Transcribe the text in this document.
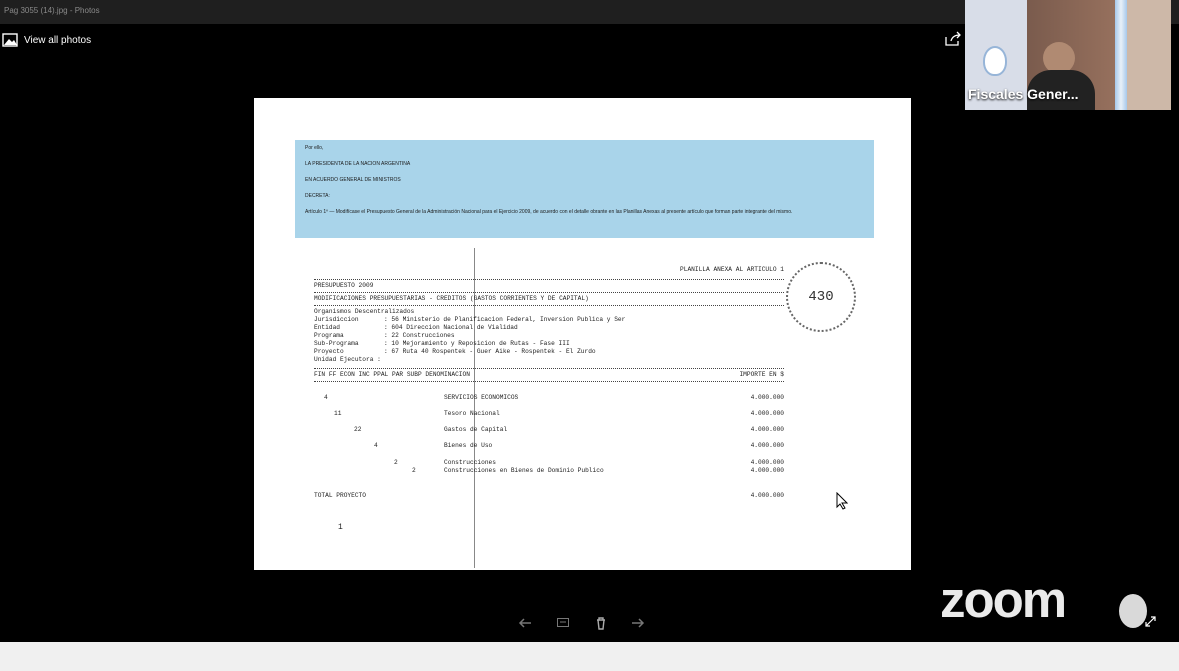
Pag 3055 (14).jpg - Photos
View all photos
Fiscales Gener...

Por ello,

LA PRESIDENTA DE LA NACION ARGENTINA

EN ACUERDO GENERAL DE MINISTROS

DECRETA:

Artículo 1º — Modifícase el Presupuesto General de la Administración Nacional para el Ejercicio 2009, de acuerdo con el detalle obrante en las Planillas Anexas al presente artículo que forman parte integrante del mismo.

430
PLANILLA ANEXA AL ARTICULO 1
PRESUPUESTO 2009
MODIFICACIONES PRESUPUESTARIAS - CREDITOS (GASTOS CORRIENTES Y DE CAPITAL)
Organismos Descentralizados
Jurisdiccion	: 56 Ministerio de Planificacion Federal, Inversion Publica y Ser
Entidad	: 604 Direccion Nacional de Vialidad
Programa	: 22 Construcciones
Sub-Programa	: 10 Mejoramiento y Reposicion de Rutas - Fase III
Proyecto	: 67 Ruta 40 Rospentek - Guer Aike - Rospentek - El Zurdo
Unidad Ejecutora :
FIN FF ECON INC PPAL PAR SUBP DENOMINACION	IMPORTE EN $
4	SERVICIOS ECONOMICOS	4.000.000
11	Tesoro Nacional	4.000.000
22	Gastos de Capital	4.000.000
4	Bienes de Uso	4.000.000
2	Construcciones	4.000.000
2	Construcciones en Bienes de Dominio Publico	4.000.000
TOTAL PROYECTO	4.000.000
1
zoom
